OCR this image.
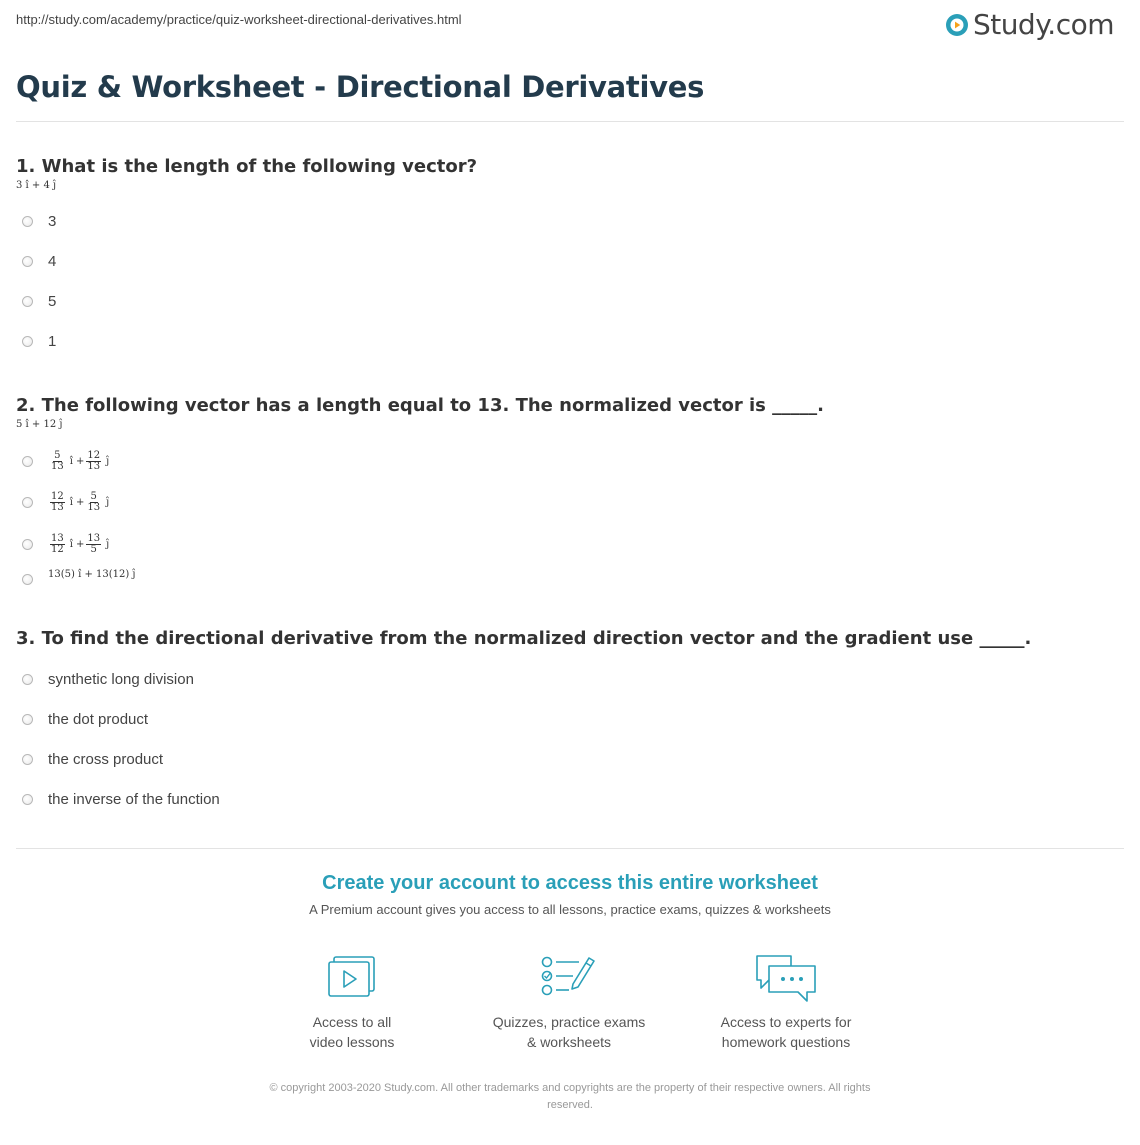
http://study.com/academy/practice/quiz-worksheet-directional-derivatives.html	Study.com
Quiz & Worksheet - Directional Derivatives
1. What is the length of the following vector?
3 î + 4 ĵ
3
4
5
1
2. The following vector has a length equal to 13. The normalized vector is _____.
5 î + 12 ĵ
$\frac{5}{13}$ î + $\frac{12}{13}$ ĵ
$\frac{12}{13}$ î + $\frac{5}{13}$ ĵ
$\frac{13}{12}$ î + $\frac{13}{5}$ ĵ
13(5) î + 13(12) ĵ
3. To find the directional derivative from the normalized direction vector and the gradient use _____.
synthetic long division
the dot product
the cross product
the inverse of the function
Create your account to access this entire worksheet
A Premium account gives you access to all lessons, practice exams, quizzes & worksheets
Access to all
video lessons
Quizzes, practice exams
& worksheets
Access to experts for
homework questions
© copyright 2003-2020 Study.com. All other trademarks and copyrights are the property of their respective owners. All rights
reserved.
